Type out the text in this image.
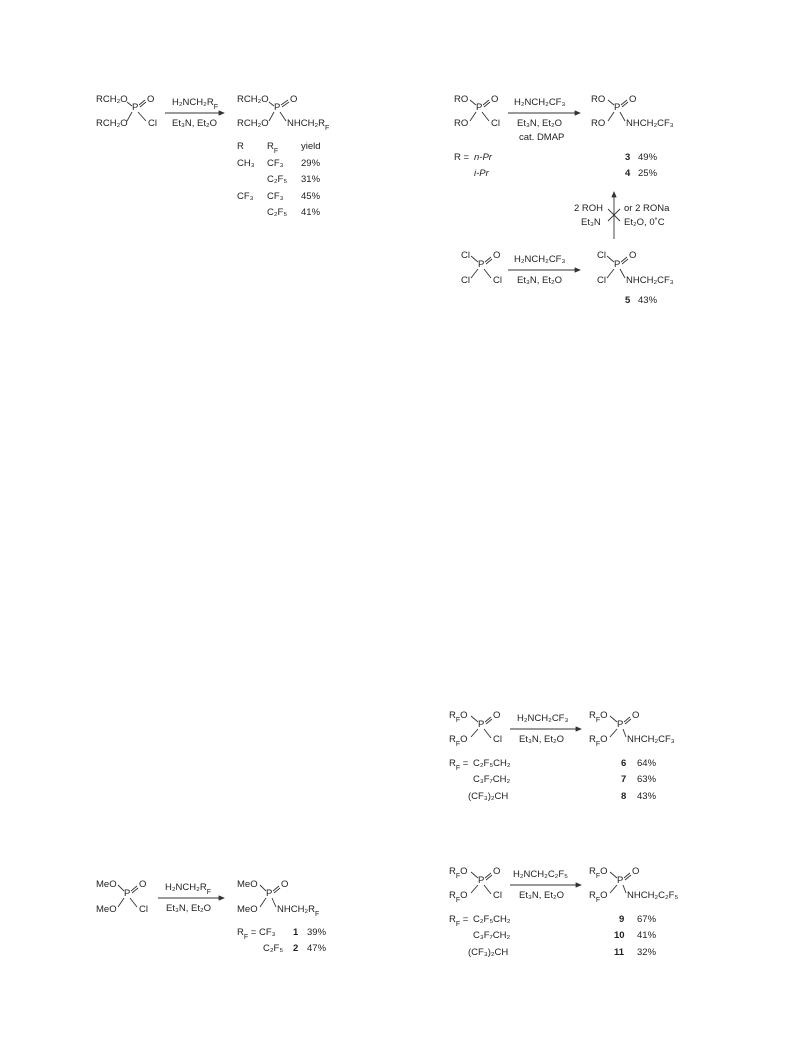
RCH₂O
P
O
RCH₂O Cl
$H_2NCH_2R_F$
Et₃N, Et₂O
RCH₂O
P
O
RCH₂O $NHCH_2R_F$
R $R_F$ yield
CH₃ CF₃ 29%
C₂F₅ 31%
CF₃ CF₃ 45%
C₂F₅ 41%
RO
P
O
RO Cl
H₂NCH₂CF₃
Et₃N, Et₂O
cat. DMAP
RO
P
O
RO NHCH₂CF₃
R = n-Pr
i-Pr
3 49%
4 25%
2 ROH
Et₃N
or 2 RONa
Et₂O, 0˚C
Cl
P
O
Cl Cl
H₂NCH₂CF₃
Et₃N, Et₂O
Cl
P
O
Cl NHCH₂CF₃
5 43%
$R_FO$
P
O
$R_FO$	Cl
H₂NCH₂CF₃
Et₃N, Et₂O
$R_FO$
P
O
$R_FO$ NHCH₂CF₃
$R_F = C_2F_5CH_2$
C₃F₇CH₂
(CF₃)₂CH
6 64%
7 63%
8 43%
MeO
P
O
MeO Cl
$H_2NCH_2R_F$
Et₃N, Et₂O
MeO
P
O
MeO $NHCH_2R_F$
$R_F = CF_3$
C₂F₅
1 39%
2 47%
$R_FO$
P
O
$R_FO$	Cl
H₂NCH₂C₂F₅
Et₃N, Et₂O
$R_FO$
P
O
$R_FO$ NHCH₂C₂F₅
$R_F = C_2F_5CH_2$
C₃F₇CH₂
(CF₃)₂CH
9 67%
10 41%
11 32%
